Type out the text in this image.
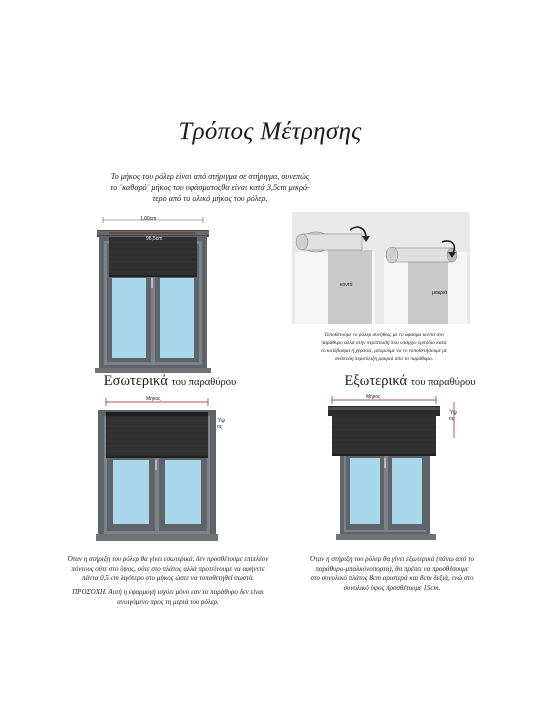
Τρόπος Μέτρησης
Το μήκος του ρόλερ είναι από στήριγμα σε στήριγμα, συνεπώς
το ¨καθαρό¨ μήκος του υφάσματοςθα είναι κατά 3,5cm μικρό-
τερο από το ολικό μήκος του ρόλερ.
1,00cm
96,5cm
κοντά
μακριά
Τοποθετούμε το ρόλερ συνήθως με το ύφασμα κοντά στο
παράθυρο αλλά στην περίπτωση που υπάρχει εμπόδιο κατά
το κατέβασμα ή χερούλι, μπορούμε να το τοποθετήσουμε με
ανάποδη περιτύλιξη μακριά από το παράθυρο.
Εσωτερικά του παραθύρου	Εξωτερικά του παραθύρου
Μήκος
Ύψος
Μήκος
Ύψος
Όταν η στήριξη του ρόλερ θα γίνει εσωτερικά, δεν προσθέτουμε επιπλέον
πόντους ούτε στο ύψος, ούτε στο πλάτος αλλά προτείνουμε να αφήνετε
πάντα 0,5 cm λιγότερο στο μήκος ώστε να τοποθετηθεί σωστά.
ΠΡΟΣΟΧΗ. Αυτή η εφαρμογή ισχύει μόνο εαν το παράθυρο δεν είναι
ανοιγόμενο προς τη μεριά του ρόλερ.
Όταν η στήριξη του ρόλερ θα γίνει εξωτερικά (πάνω από το
παράθυρο-μπαλκόνοπορτα), θα πρέπει να προσθέσουμε
στο συνολικό πλάτος 8cm αριστερά και 8cm δεξιά, ενώ στο
συνολικό ύψος προσθέτουμε 15cm.
